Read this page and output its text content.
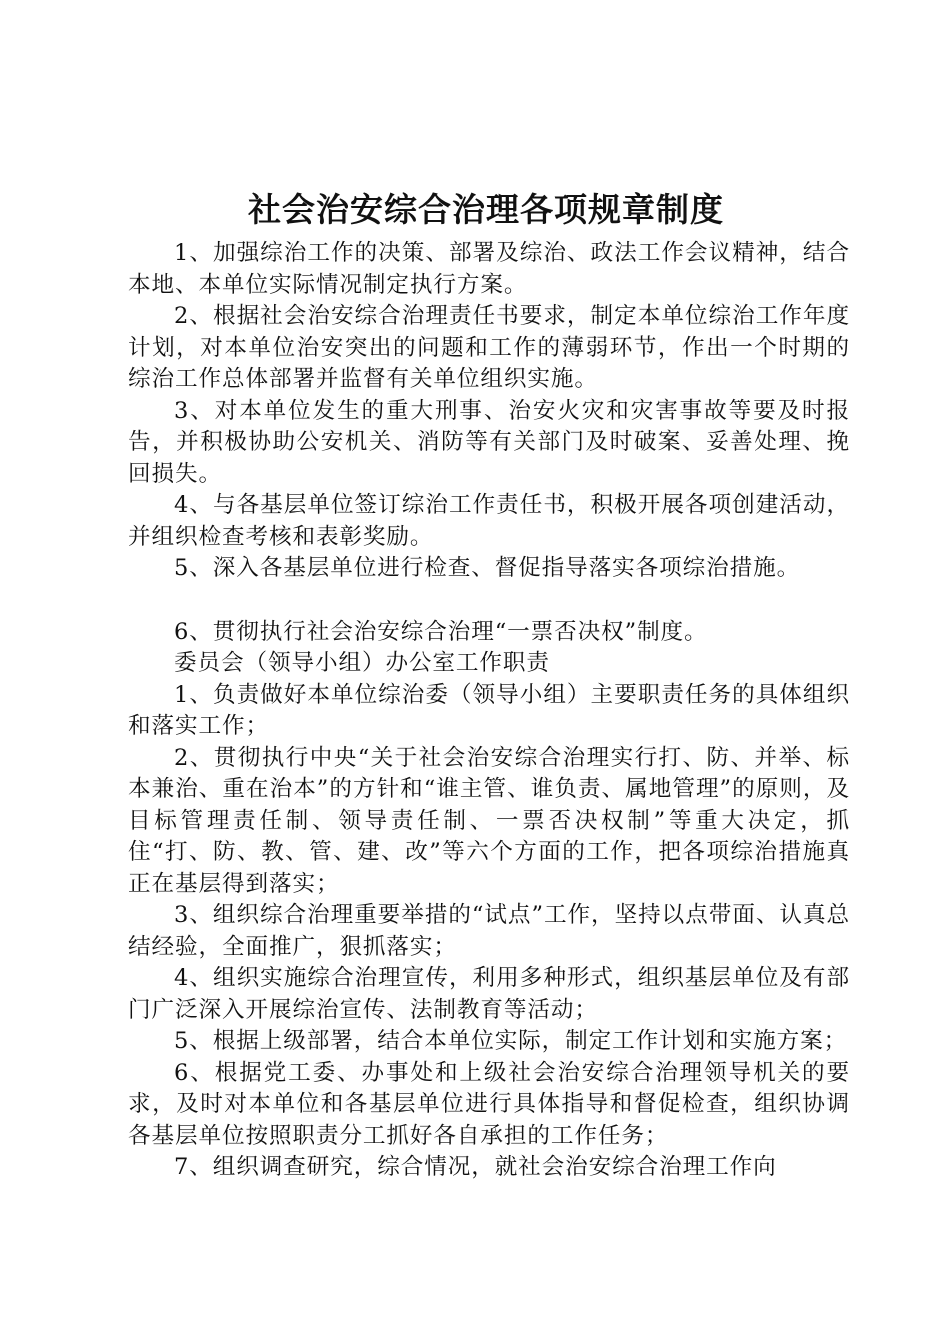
社会治安综合治理各项规章制度

1、加强综治工作的决策、部署及综治、政法工作会议精神，结合本地、本单位实际情况制定执行方案。

2、根据社会治安综合治理责任书要求，制定本单位综治工作年度计划，对本单位治安突出的问题和工作的薄弱环节，作出一个时期的综治工作总体部署并监督有关单位组织实施。

3、对本单位发生的重大刑事、治安火灾和灾害事故等要及时报告，并积极协助公安机关、消防等有关部门及时破案、妥善处理、挽回损失。

4、与各基层单位签订综治工作责任书，积极开展各项创建活动，并组织检查考核和表彰奖励。

5、深入各基层单位进行检查、督促指导落实各项综治措施。

6、贯彻执行社会治安综合治理“一票否决权”制度。

委员会（领导小组）办公室工作职责

1、负责做好本单位综治委（领导小组）主要职责任务的具体组织和落实工作；

2、贯彻执行中央“关于社会治安综合治理实行打、防、并举、标本兼治、重在治本”的方针和“谁主管、谁负责、属地管理”的原则，及目标管理责任制、领导责任制、一票否决权制”等重大决定，抓住“打、防、教、管、建、改”等六个方面的工作，把各项综治措施真正在基层得到落实；

3、组织综合治理重要举措的“试点”工作，坚持以点带面、认真总结经验，全面推广，狠抓落实；

4、组织实施综合治理宣传，利用多种形式，组织基层单位及有部门广泛深入开展综治宣传、法制教育等活动；

5、根据上级部署，结合本单位实际，制定工作计划和实施方案；

6、根据党工委、办事处和上级社会治安综合治理领导机关的要求，及时对本单位和各基层单位进行具体指导和督促检查，组织协调各基层单位按照职责分工抓好各自承担的工作任务；

7、组织调查研究，综合情况，就社会治安综合治理工作向
